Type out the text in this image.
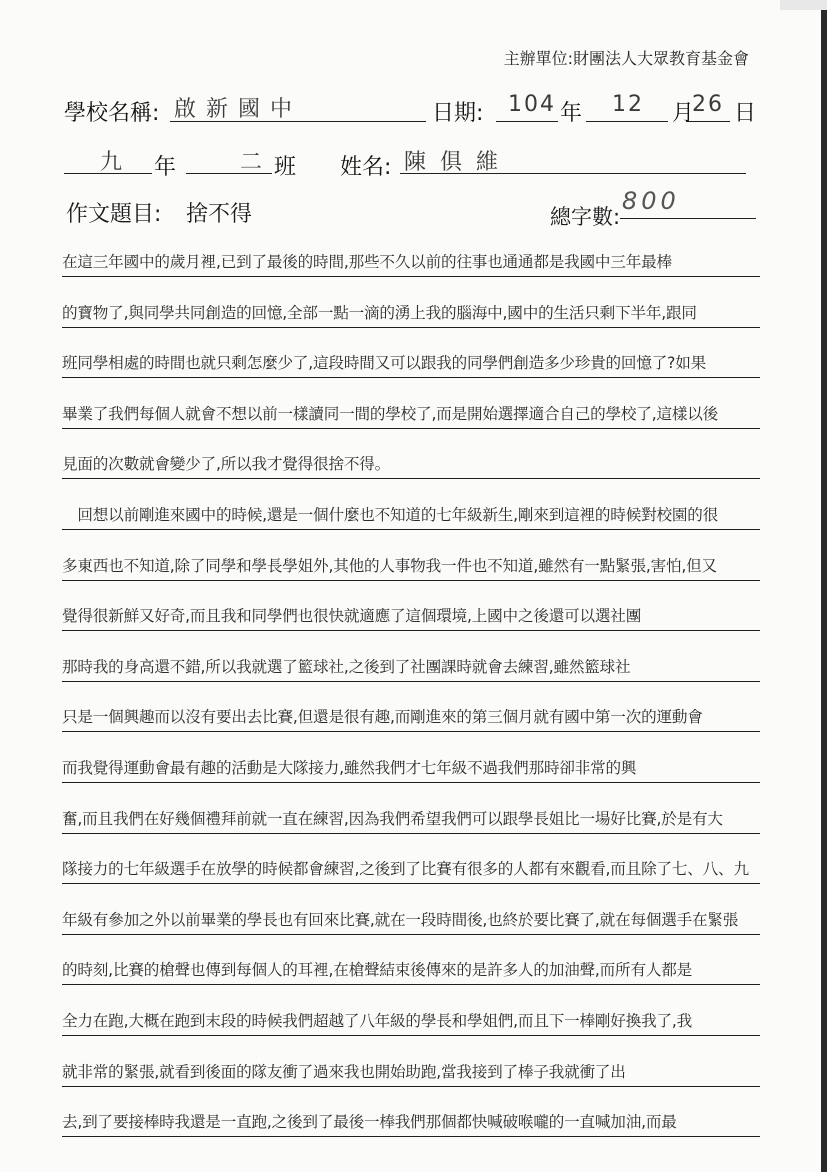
主辦單位:財團法人大眾教育基金會
學校名稱: 啟新國中	日期: 104 年 12 月
26 日
九 年	二 班 姓名: 陳俱維
作文題目: 捨不得	總字數:
800
在這三年國中的歲月裡,已到了最後的時間,那些不久以前的往事也通通都是我國中三年最棒
的寶物了,與同學共同創造的回憶,全部一點一滴的湧上我的腦海中,國中的生活只剩下半年,跟同
班同學相處的時間也就只剩怎麼少了,這段時間又可以跟我的同學們創造多少珍貴的回憶了?如果
畢業了我們每個人就會不想以前一樣讀同一間的學校了,而是開始選擇適合自己的學校了,這樣以後
見面的次數就會變少了,所以我才覺得很捨不得。
　回想以前剛進來國中的時候,還是一個什麼也不知道的七年級新生,剛來到這裡的時候對校園的很
多東西也不知道,除了同學和學長學姐外,其他的人事物我一件也不知道,雖然有一點緊張,害怕,但又
覺得很新鮮又好奇,而且我和同學們也很快就適應了這個環境,上國中之後還可以選社團
那時我的身高還不錯,所以我就選了籃球社,之後到了社團課時就會去練習,雖然籃球社
只是一個興趣而以沒有要出去比賽,但還是很有趣,而剛進來的第三個月就有國中第一次的運動會
而我覺得運動會最有趣的活動是大隊接力,雖然我們才七年級不過我們那時卻非常的興
奮,而且我們在好幾個禮拜前就一直在練習,因為我們希望我們可以跟學長姐比一場好比賽,於是有大
隊接力的七年級選手在放學的時候都會練習,之後到了比賽有很多的人都有來觀看,而且除了七、八、九
年級有參加之外以前畢業的學長也有回來比賽,就在一段時間後,也終於要比賽了,就在每個選手在緊張
的時刻,比賽的槍聲也傳到每個人的耳裡,在槍聲結束後傳來的是許多人的加油聲,而所有人都是
全力在跑,大概在跑到末段的時候我們超越了八年級的學長和學姐們,而且下一棒剛好換我了,我
就非常的緊張,就看到後面的隊友衝了過來我也開始助跑,當我接到了棒子我就衝了出
去,到了要接棒時我還是一直跑,之後到了最後一棒我們那個都快喊破喉嚨的一直喊加油,而最
